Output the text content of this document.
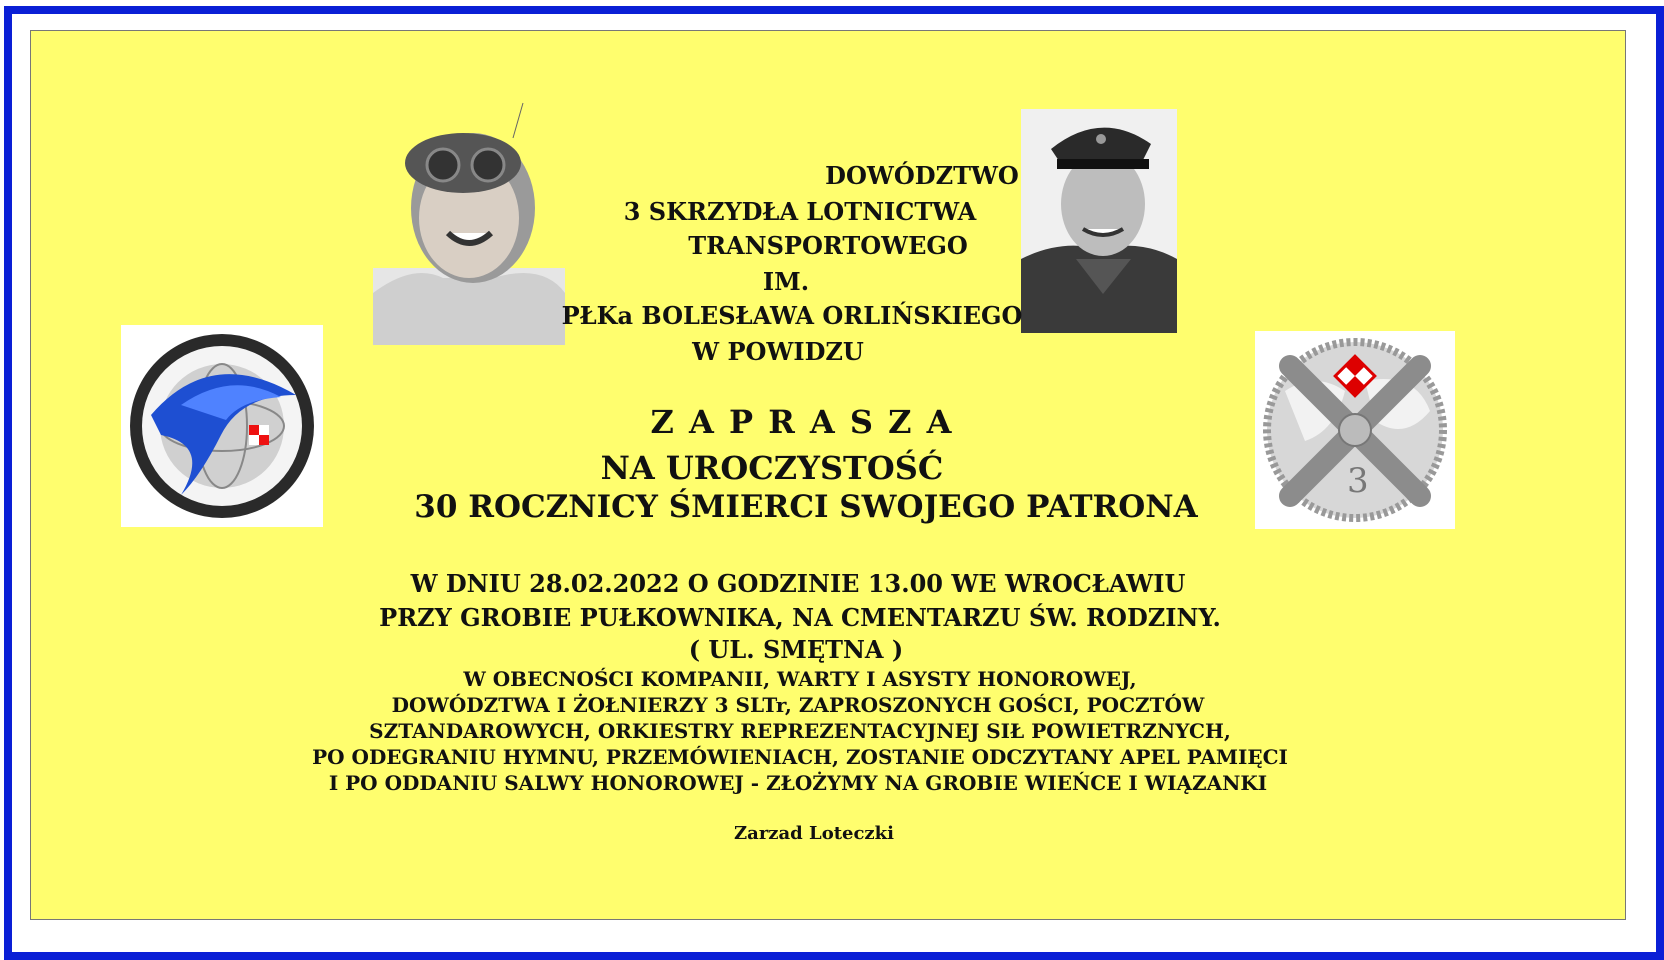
3
DOWÓDZTWO
3 SKRZYDŁA LOTNICTWA
TRANSPORTOWEGO
IM.
PŁKa BOLESŁAWA ORLIŃSKIEGO
W POWIDZU
Z A P R A S Z A
NA UROCZYSTOŚĆ
30 ROCZNICY ŚMIERCI SWOJEGO PATRONA
W DNIU 28.02.2022 O GODZINIE 13.00 WE WROCŁAWIU
PRZY GROBIE PUŁKOWNIKA, NA CMENTARZU ŚW. RODZINY.
( UL. SMĘTNA )
W OBECNOŚCI KOMPANII, WARTY I ASYSTY HONOROWEJ,
DOWÓDZTWA I ŻOŁNIERZY 3 SLTr, ZAPROSZONYCH GOŚCI, POCZTÓW
SZTANDAROWYCH, ORKIESTRY REPREZENTACYJNEJ SIŁ POWIETRZNYCH,
PO ODEGRANIU HYMNU, PRZEMÓWIENIACH, ZOSTANIE ODCZYTANY APEL PAMIĘCI
I PO ODDANIU SALWY HONOROWEJ - ZŁOŻYMY NA GROBIE WIEŃCE I WIĄZANKI
Zarzad Loteczki
